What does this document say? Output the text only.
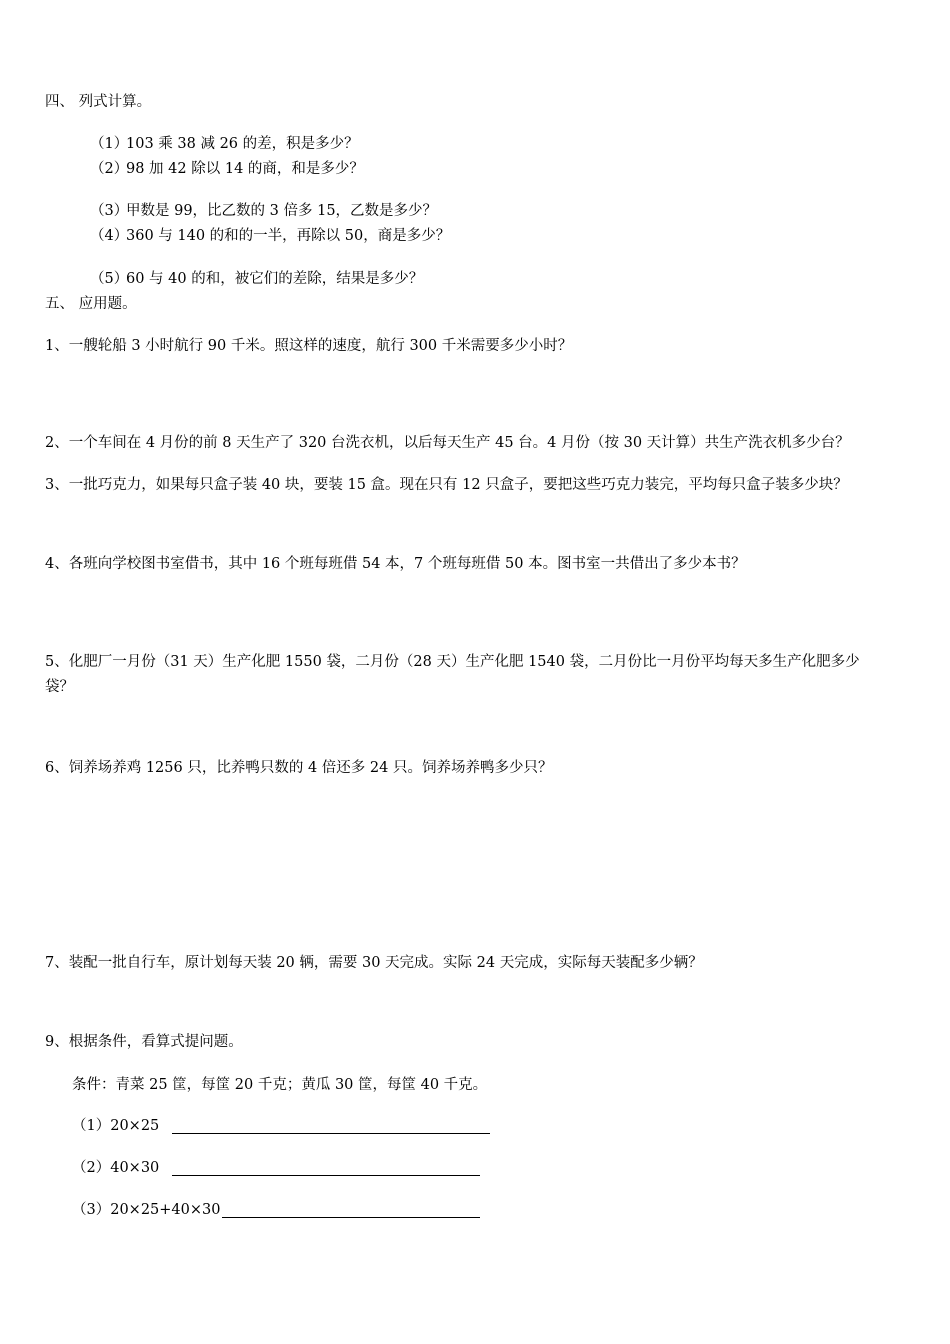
四、 列式计算。
（1）103 乘 38 减 26 的差，积是多少？
（2）98 加 42 除以 14 的商，和是多少？
（3）甲数是 99，比乙数的 3 倍多 15，乙数是多少？
（4）360 与 140 的和的一半，再除以 50，商是多少？
（5）60 与 40 的和，被它们的差除，结果是多少？
五、 应用题。
1、一艘轮船 3 小时航行 90 千米。照这样的速度，航行 300 千米需要多少小时？
2、一个车间在 4 月份的前 8 天生产了 320 台洗衣机，以后每天生产 45 台。4 月份（按 30 天计算）共生产洗衣机多少台？
3、一批巧克力，如果每只盒子装 40 块，要装 15 盒。现在只有 12 只盒子，要把这些巧克力装完，平均每只盒子装多少块？
4、各班向学校图书室借书，其中 16 个班每班借 54 本，7 个班每班借 50 本。图书室一共借出了多少本书？
5、化肥厂一月份（31 天）生产化肥 1550 袋，二月份（28 天）生产化肥 1540 袋，二月份比一月份平均每天多生产化肥多少
袋？
6、饲养场养鸡 1256 只，比养鸭只数的 4 倍还多 24 只。饲养场养鸭多少只？
7、装配一批自行车，原计划每天装 20 辆，需要 30 天完成。实际 24 天完成，实际每天装配多少辆？
9、根据条件，看算式提问题。
条件：青菜 25 筐，每筐 20 千克；黄瓜 30 筐，每筐 40 千克。
（1）20×25
（2）40×30
（3）20×25+40×30
